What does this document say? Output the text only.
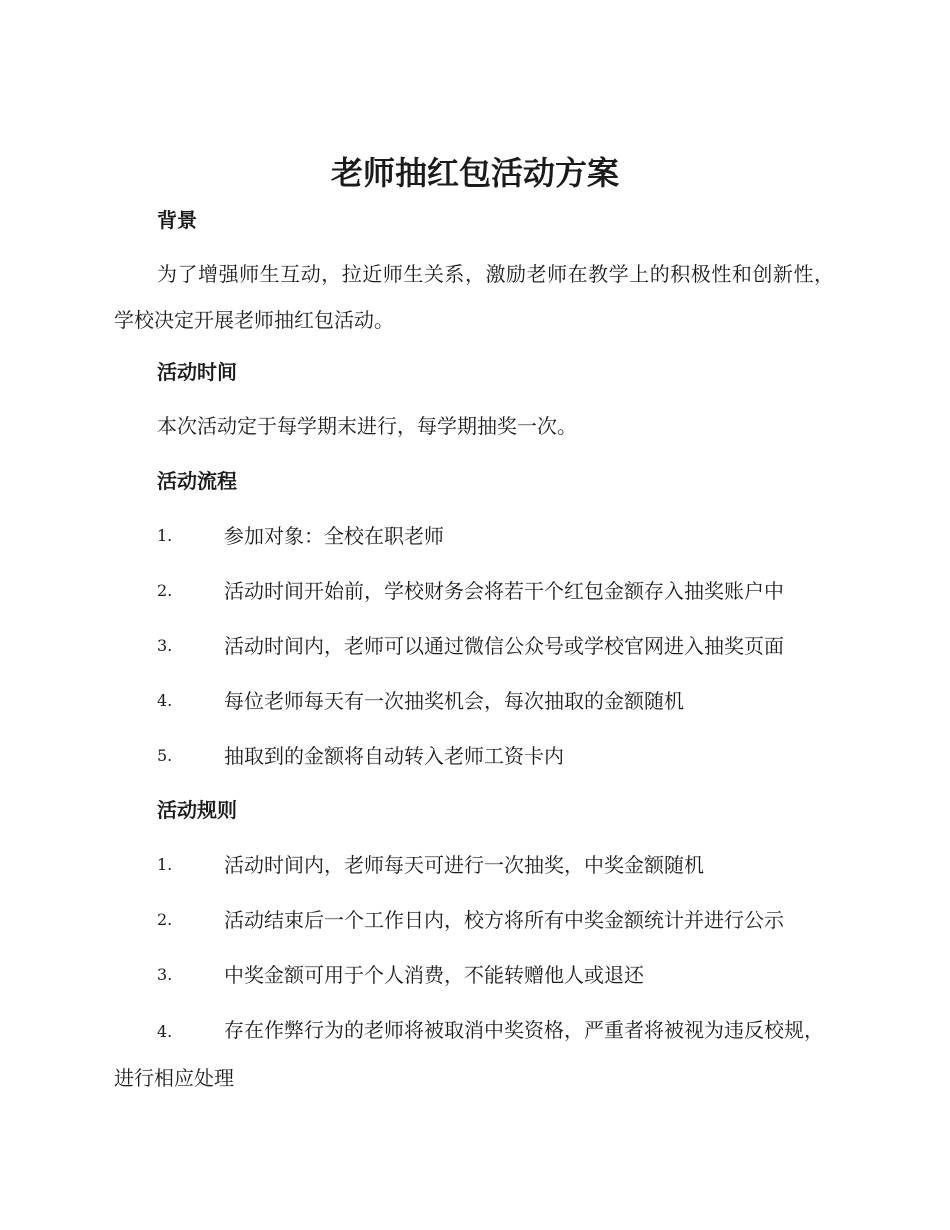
老师抽红包活动方案
背景

为了增强师生互动，拉近师生关系，激励老师在教学上的积极性和创新性，学校决定开展老师抽红包活动。

活动时间

本次活动定于每学期末进行，每学期抽奖一次。

活动流程
1.	参加对象：全校在职老师
2.	活动时间开始前，学校财务会将若干个红包金额存入抽奖账户中
3.	活动时间内，老师可以通过微信公众号或学校官网进入抽奖页面
4.	每位老师每天有一次抽奖机会，每次抽取的金额随机
5.	抽取到的金额将自动转入老师工资卡内
活动规则
1.	活动时间内，老师每天可进行一次抽奖，中奖金额随机
2.	活动结束后一个工作日内，校方将所有中奖金额统计并进行公示
3.	中奖金额可用于个人消费，不能转赠他人或退还

4.	存在作弊行为的老师将被取消中奖资格，严重者将被视为违反校规，进行相应处理
